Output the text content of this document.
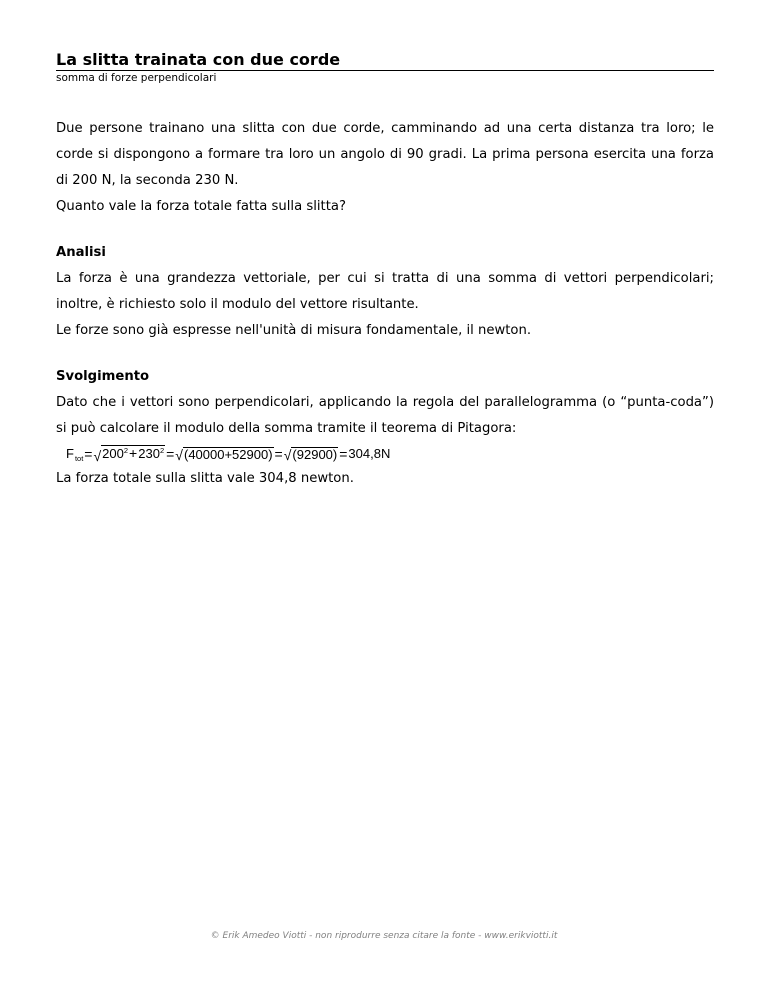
La slitta trainata con due corde
somma di forze perpendicolari
Due persone trainano una slitta con due corde, camminando ad una certa distanza tra loro; le corde si dispongono a formare tra loro un angolo di 90 gradi. La prima persona esercita una forza di 200 N, la seconda 230 N.
Quanto vale la forza totale fatta sulla slitta?
Analisi
La forza è una grandezza vettoriale, per cui si tratta di una somma di vettori perpendicolari; inoltre, è richiesto solo il modulo del vettore risultante.
Le forze sono già espresse nell'unità di misura fondamentale, il newton.
Svolgimento
Dato che i vettori sono perpendicolari, applicando la regola del parallelogramma (o “punta-coda”) si può calcolare il modulo della somma tramite il teorema di Pitagora:
F tot = √ $200^2+230^2$ = √ (40000+52900) = √ (92900) = 304,8N
La forza totale sulla slitta vale 304,8 newton.
© Erik Amedeo Viotti - non riprodurre senza citare la fonte - www.erikviotti.it
